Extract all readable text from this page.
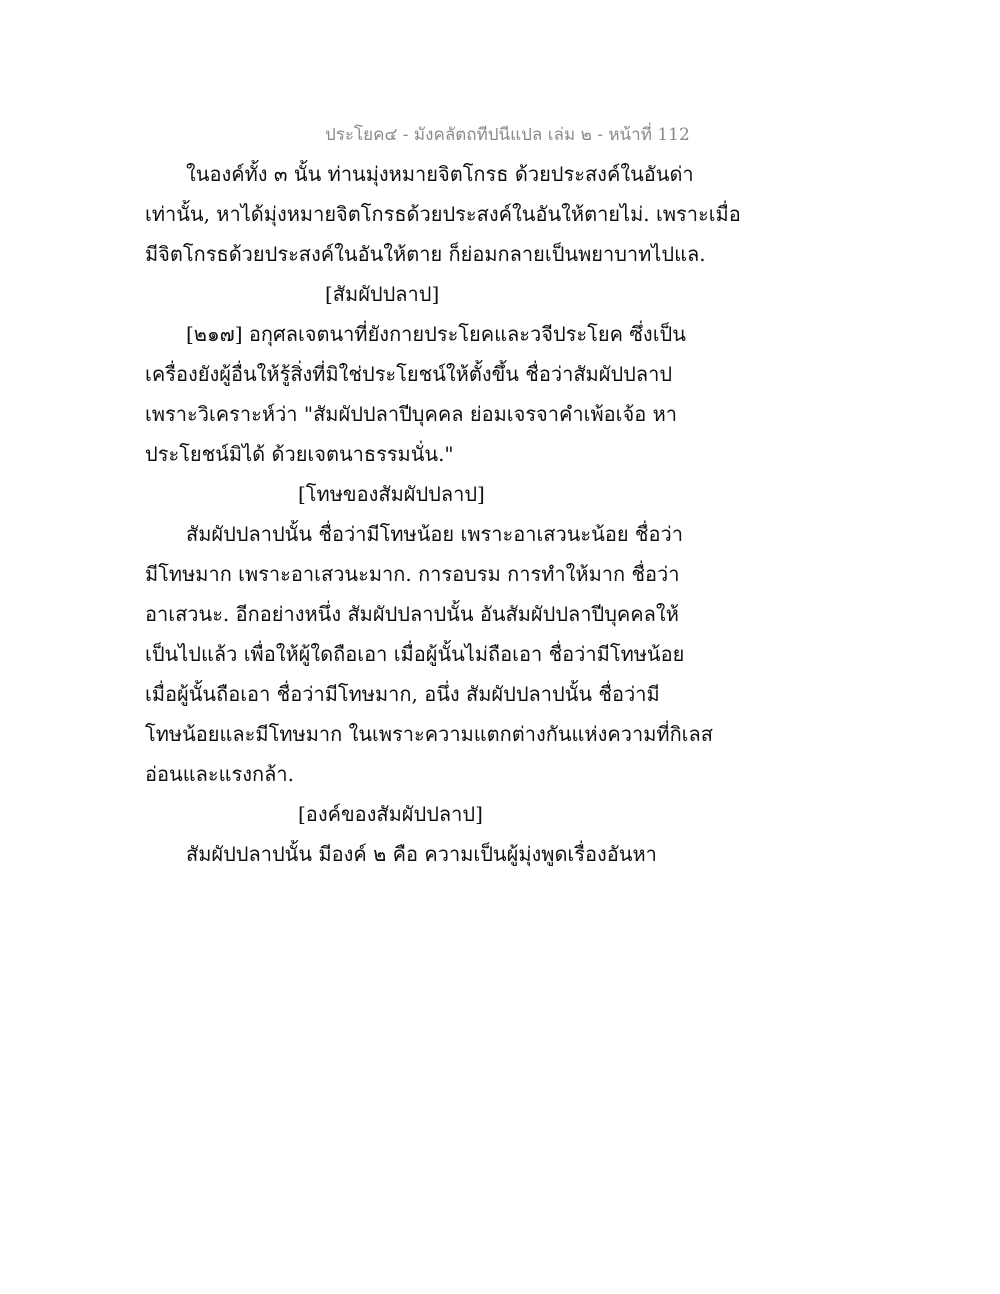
ประโยค๔ - มังคลัตถทีปนีแปล เล่ม ๒ - หน้าที่ 112
ในองค์ทั้ง ๓ นั้น ท่านมุ่งหมายจิตโกรธ ด้วยประสงค์ในอันด่า
เท่านั้น, หาได้มุ่งหมายจิตโกรธด้วยประสงค์ในอันให้ตายไม่. เพราะเมื่อ
มีจิตโกรธด้วยประสงค์ในอันให้ตาย ก็ย่อมกลายเป็นพยาบาทไปแล.
[สัมผัปปลาป]
[๒๑๗] อกุศลเจตนาที่ยังกายประโยคและวจีประโยค ซึ่งเป็น
เครื่องยังผู้อื่นให้รู้สิ่งที่มิใช่ประโยชน์ให้ตั้งขึ้น ชื่อว่าสัมผัปปลาป
เพราะวิเคราะห์ว่า "สัมผัปปลาปีบุคคล ย่อมเจรจาคำเพ้อเจ้อ หา
ประโยชน์มิได้ ด้วยเจตนาธรรมนั่น."
[โทษของสัมผัปปลาป]
สัมผัปปลาปนั้น ชื่อว่ามีโทษน้อย เพราะอาเสวนะน้อย ชื่อว่า
มีโทษมาก เพราะอาเสวนะมาก. การอบรม การทำให้มาก ชื่อว่า
อาเสวนะ. อีกอย่างหนึ่ง สัมผัปปลาปนั้น อันสัมผัปปลาปีบุคคลให้
เป็นไปแล้ว เพื่อให้ผู้ใดถือเอา เมื่อผู้นั้นไม่ถือเอา ชื่อว่ามีโทษน้อย
เมื่อผู้นั้นถือเอา ชื่อว่ามีโทษมาก, อนึ่ง สัมผัปปลาปนั้น ชื่อว่ามี
โทษน้อยและมีโทษมาก ในเพราะความแตกต่างกันแห่งความที่กิเลส
อ่อนและแรงกล้า.
[องค์ของสัมผัปปลาป]
สัมผัปปลาปนั้น มีองค์ ๒ คือ ความเป็นผู้มุ่งพูดเรื่องอันหา
